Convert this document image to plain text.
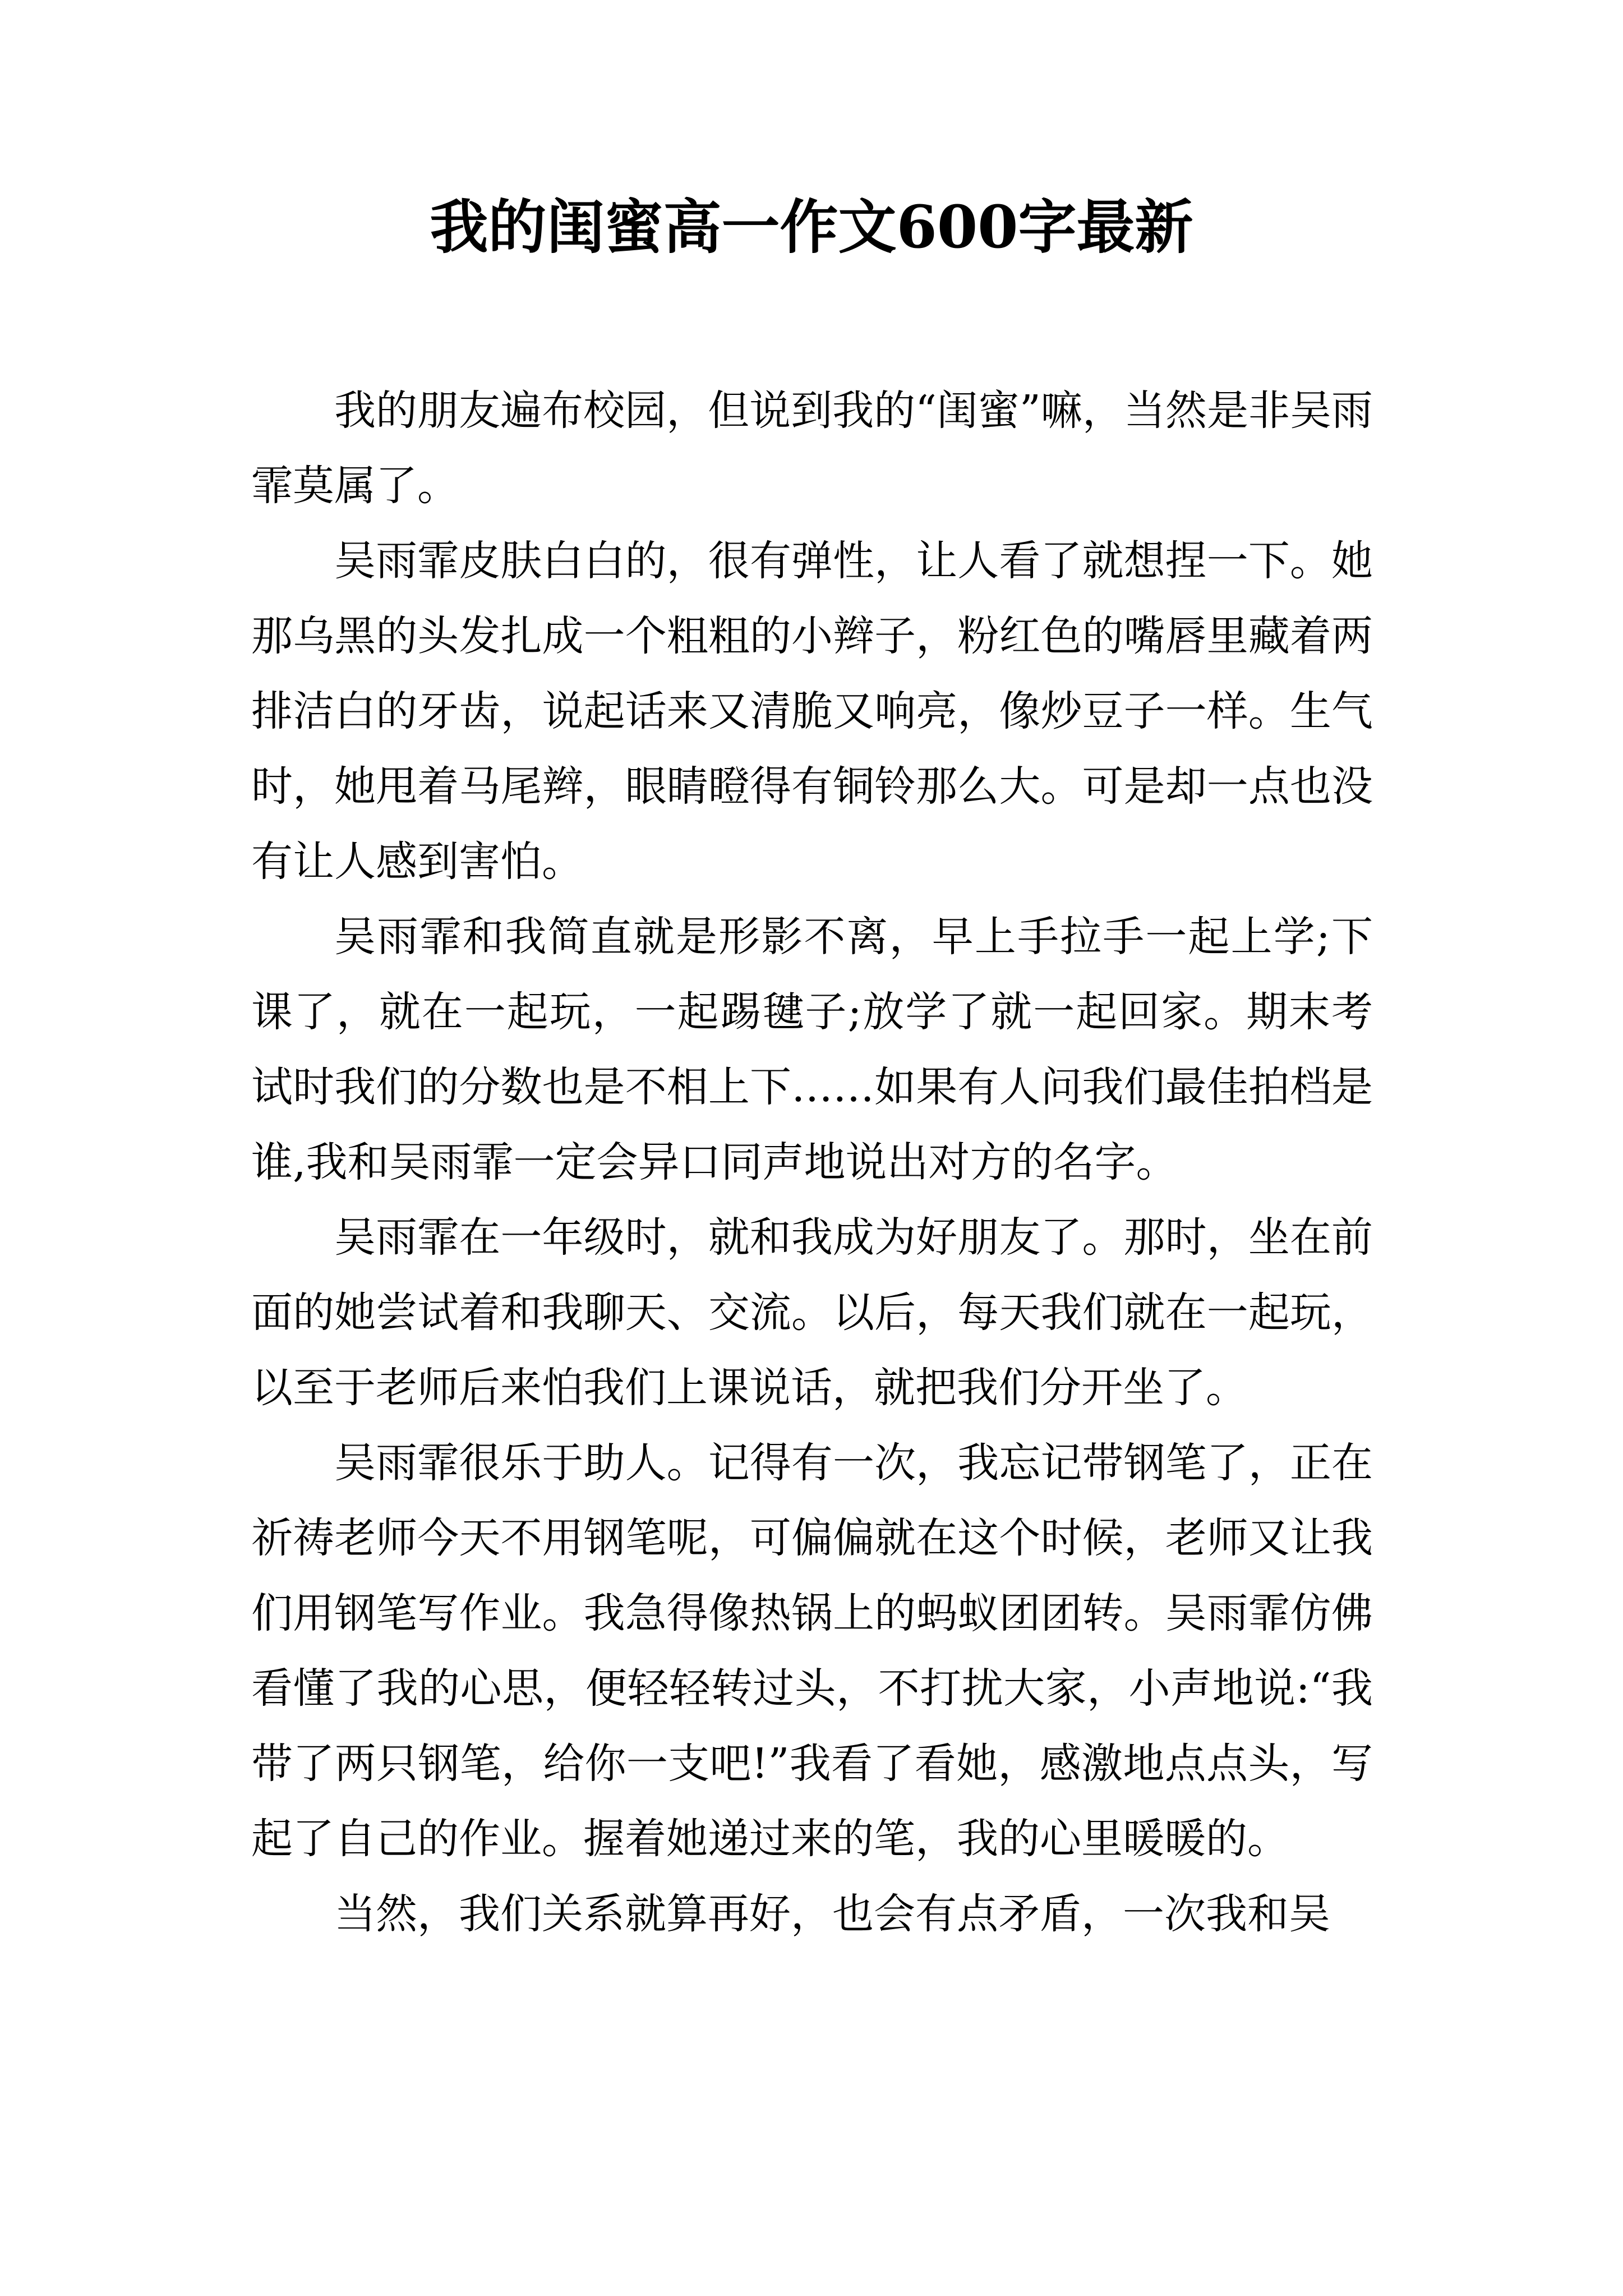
我的闺蜜高一作文600字最新

我的朋友遍布校园，但说到我的“闺蜜”嘛，当然是非吴雨霏莫属了。

吴雨霏皮肤白白的，很有弹性，让人看了就想捏一下。她那乌黑的头发扎成一个粗粗的小辫子，粉红色的嘴唇里藏着两排洁白的牙齿，说起话来又清脆又响亮，像炒豆子一样。生气时，她甩着马尾辫，眼睛瞪得有铜铃那么大。可是却一点也没有让人感到害怕。

吴雨霏和我简直就是形影不离，早上手拉手一起上学;下课了，就在一起玩，一起踢毽子;放学了就一起回家。期末考试时我们的分数也是不相上下……如果有人问我们最佳拍档是谁,我和吴雨霏一定会异口同声地说出对方的名字。

吴雨霏在一年级时，就和我成为好朋友了。那时，坐在前面的她尝试着和我聊天、交流。以后，每天我们就在一起玩，以至于老师后来怕我们上课说话，就把我们分开坐了。

吴雨霏很乐于助人。记得有一次，我忘记带钢笔了，正在祈祷老师今天不用钢笔呢，可偏偏就在这个时候，老师又让我们用钢笔写作业。我急得像热锅上的蚂蚁团团转。吴雨霏仿佛看懂了我的心思，便轻轻转过头，不打扰大家，小声地说:“我带了两只钢笔，给你一支吧!”我看了看她，感激地点点头，写起了自己的作业。握着她递过来的笔，我的心里暖暖的。

当然，我们关系就算再好，也会有点矛盾，一次我和吴
